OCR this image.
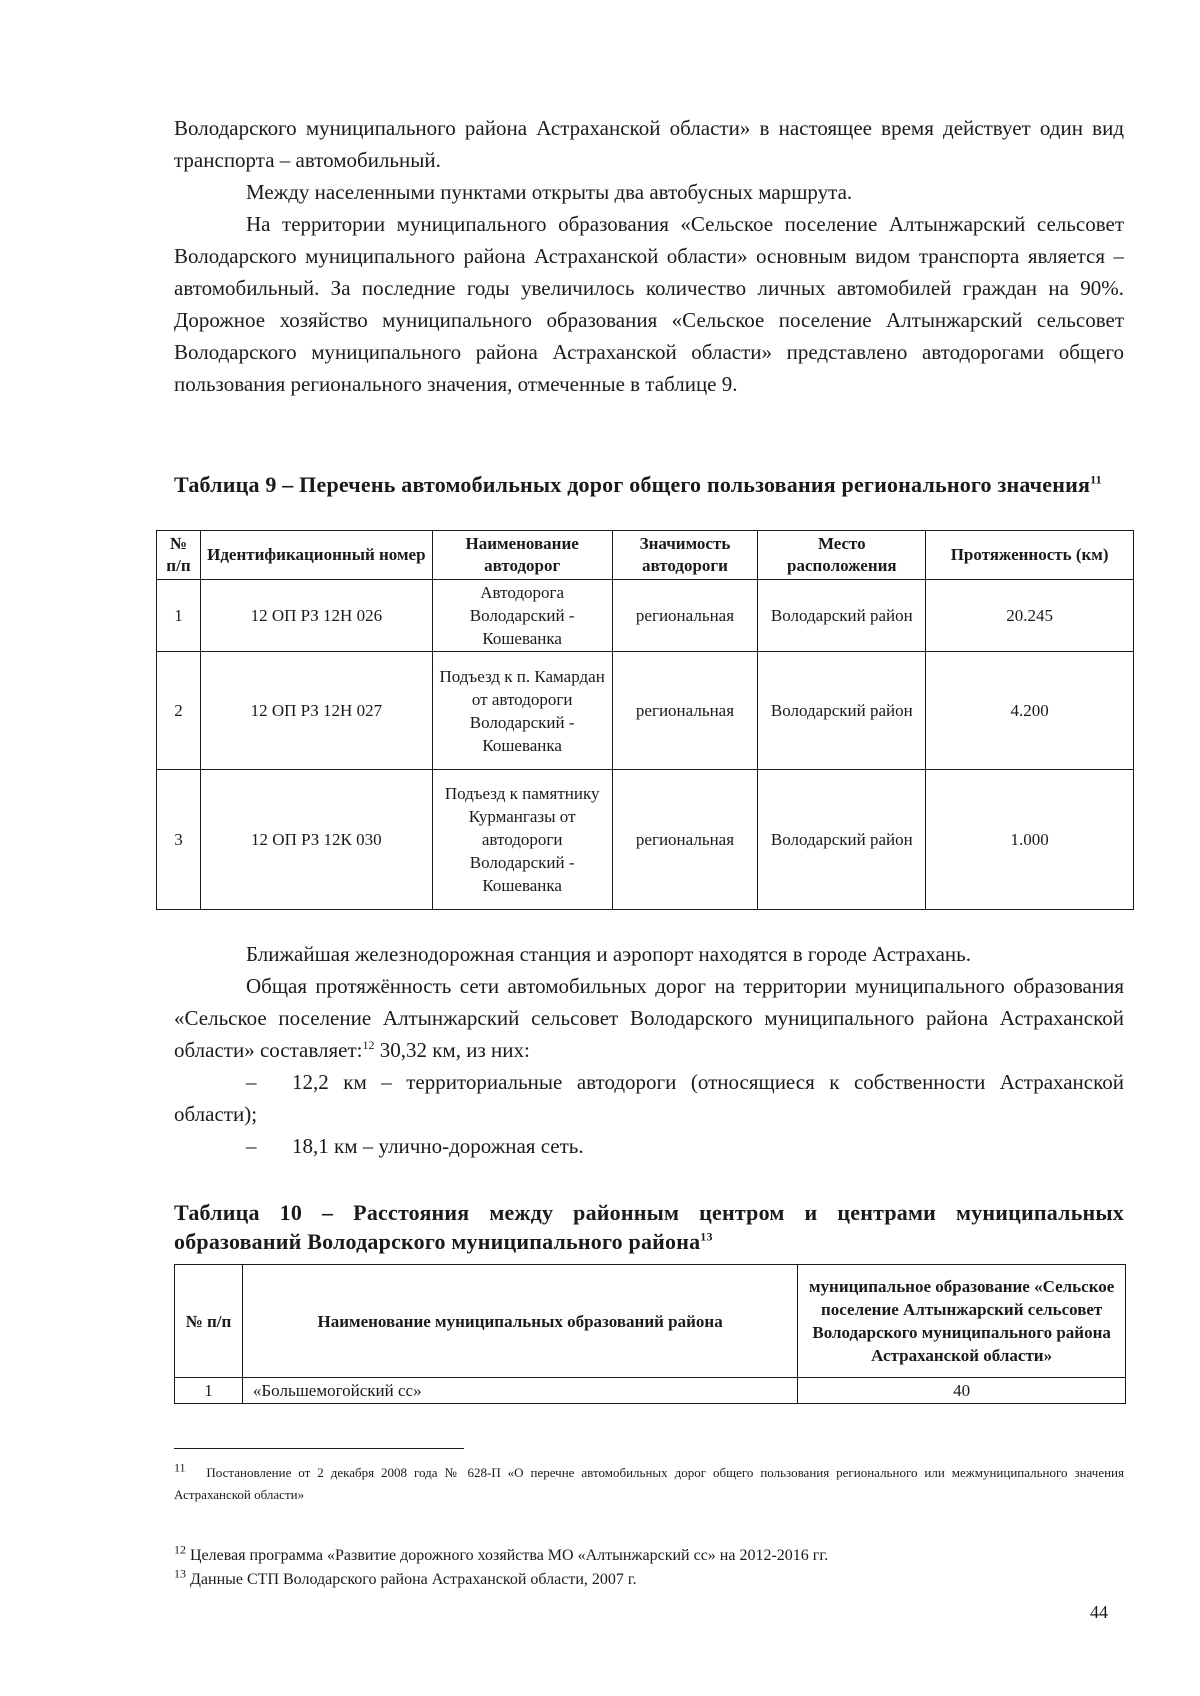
Володарского муниципального района Астраханской области» в настоящее время действует один вид транспорта – автомобильный.

Между населенными пунктами открыты два автобусных маршрута.

На территории муниципального образования «Сельское поселение Алтынжарский сельсовет Володарского муниципального района Астраханской области» основным видом транспорта является – автомобильный. За последние годы увеличилось количество личных автомобилей граждан на 90%. Дорожное хозяйство муниципального образования «Сельское поселение Алтынжарский сельсовет Володарского муниципального района Астраханской области» представлено автодорогами общего пользования регионального значения, отмеченные в таблице 9.

Таблица 9 – Перечень автомобильных дорог общего пользования регионального значения$^{11}$
№ п/п	Идентификационный номер	Наименование автодорог	Значимость автодороги	Место расположения	Протяженность (км)
1	12 ОП РЗ 12Н 026	Автодорога Володарский - Кошеванка	региональная	Володарский район	20.245
2	12 ОП РЗ 12Н 027	Подъезд к п. Камардан от автодороги Володарский - Кошеванка	региональная	Володарский район	4.200
3	12 ОП РЗ 12К 030	Подъезд к памятнику Курмангазы от автодороги Володарский - Кошеванка	региональная	Володарский район	1.000

Ближайшая железнодорожная станция и аэропорт находятся в городе Астрахань.

Общая протяжённость сети автомобильных дорог на территории муниципального образования «Сельское поселение Алтынжарский сельсовет Володарского муниципального района Астраханской области» составляет:$^{12}$ 30,32 км, из них:

– 12,2 км – территориальные автодороги (относящиеся к собственности Астраханской области);

– 18,1 км – улично-дорожная сеть.

Таблица 10 – Расстояния между районным центром и центрами муниципальных образований Володарского муниципального района$^{13}$
№ п/п	Наименование муниципальных образований района	муниципальное образование «Сельское поселение Алтынжарский сельсовет Володарского муниципального района Астраханской области»
1	«Большемогойский сс»	40
$^{11}$ Постановление от 2 декабря 2008 года № 628-П «О перечне автомобильных дорог общего пользования регионального или межмуниципального значения Астраханской области»
$^{12}$ Целевая программа «Развитие дорожного хозяйства МО «Алтынжарский сс» на 2012-2016 гг.
$^{13}$ Данные СТП Володарского района Астраханской области, 2007 г.
44
